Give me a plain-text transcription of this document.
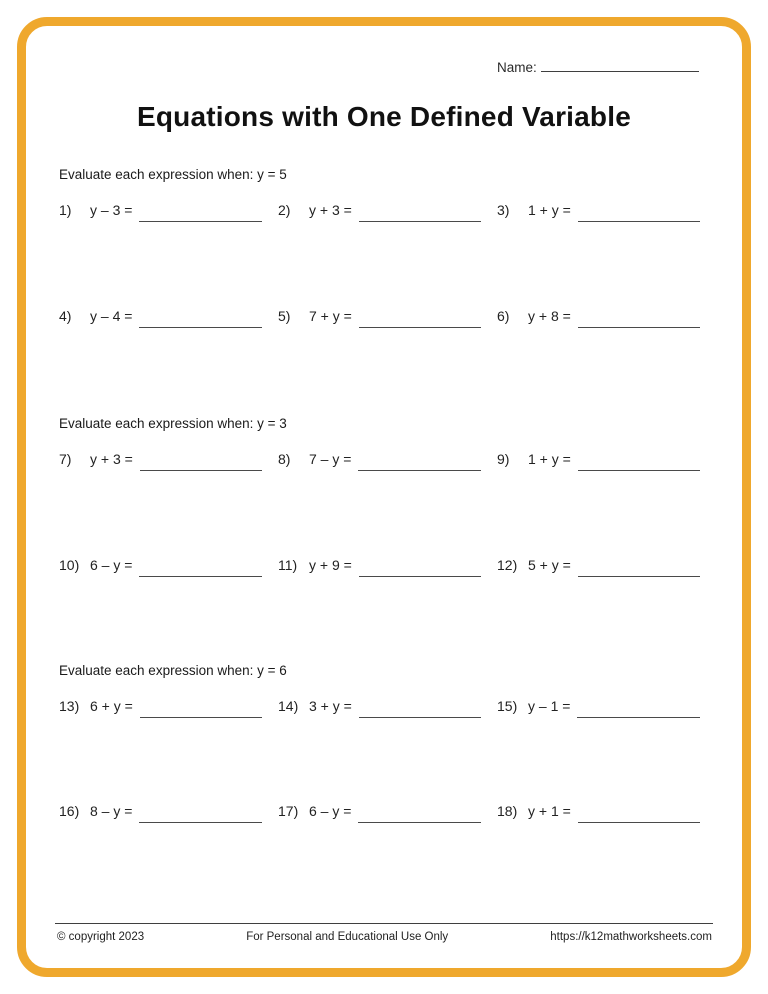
Name:
Equations with One Defined Variable
Evaluate each expression when: y = 5
1)	y – 3 =	2)	y + 3 =	3)	1 + y =
4)	y – 4 =	5)	7 + y =	6)	y + 8 =
Evaluate each expression when: y = 3
7)	y + 3 =	8)	7 – y =	9)	1 + y =
10) 6 – y =	11) y + 9 =	12) 5 + y =
Evaluate each expression when: y = 6
13) 6 + y =	14) 3 + y =	15) y – 1 =
16) 8 – y =	17) 6 – y =	18) y + 1 =
© copyright 2023	For Personal and Educational Use Only	https://k12mathworksheets.com
